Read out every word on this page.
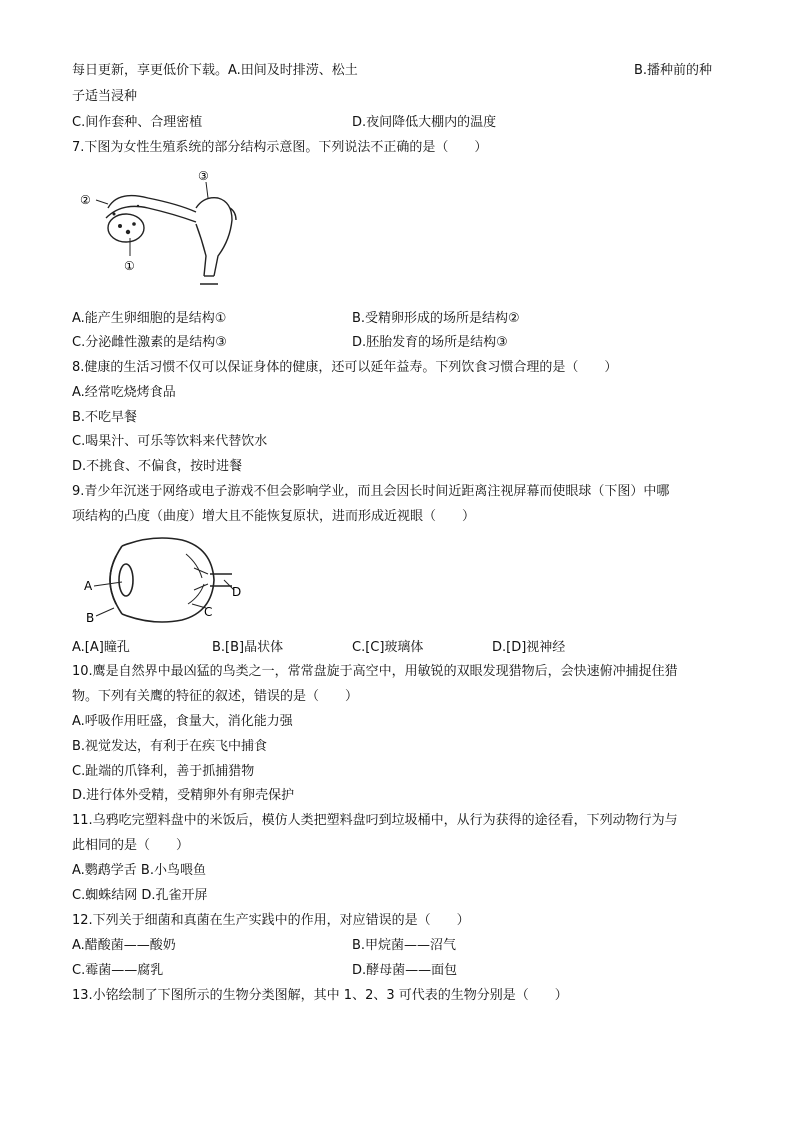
每日更新，享更低价下载。A.田间及时排涝、松土	B.播种前的种
子适当浸种
C.间作套种、合理密植	D.夜间降低大棚内的温度
7.下图为女性生殖系统的部分结构示意图。下列说法不正确的是（　　）
②
①
③
A.能产生卵细胞的是结构①	B.受精卵形成的场所是结构②
C.分泌雌性激素的是结构③	D.胚胎发育的场所是结构③
8.健康的生活习惯不仅可以保证身体的健康，还可以延年益寿。下列饮食习惯合理的是（　　）
A.经常吃烧烤食品
B.不吃早餐
C.喝果汁、可乐等饮料来代替饮水
D.不挑食、不偏食，按时进餐
9.青少年沉迷于网络或电子游戏不但会影响学业，而且会因长时间近距离注视屏幕而使眼球（下图）中哪
项结构的凸度（曲度）增大且不能恢复原状，进而形成近视眼（　　）
A
B	C
D
A.[A]瞳孔	B.[B]晶状体	C.[C]玻璃体	D.[D]视神经
10.鹰是自然界中最凶猛的鸟类之一，常常盘旋于高空中，用敏锐的双眼发现猎物后，会快速俯冲捕捉住猎
物。下列有关鹰的特征的叙述，错误的是（　　）
A.呼吸作用旺盛，食量大，消化能力强
B.视觉发达，有利于在疾飞中捕食
C.趾端的爪锋利，善于抓捕猎物
D.进行体外受精，受精卵外有卵壳保护
11.乌鸦吃完塑料盘中的米饭后，模仿人类把塑料盘叼到垃圾桶中，从行为获得的途径看，下列动物行为与
此相同的是（　　）
A.鹦鹉学舌 B.小鸟喂鱼
C.蜘蛛结网 D.孔雀开屏
12.下列关于细菌和真菌在生产实践中的作用，对应错误的是（　　）
A.醋酸菌——酸奶	B.甲烷菌——沼气
C.霉菌——腐乳	D.酵母菌——面包
13.小铭绘制了下图所示的生物分类图解，其中 1、2、3 可代表的生物分别是（　　）
